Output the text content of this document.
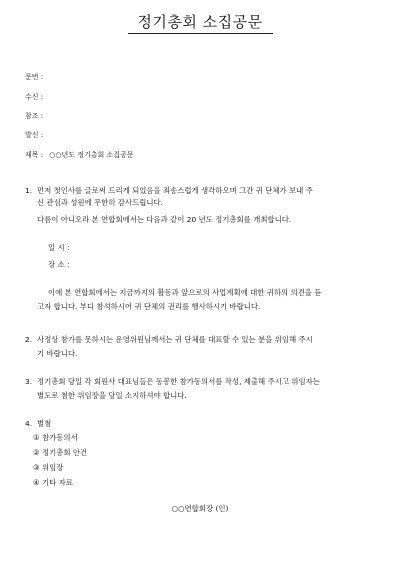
정기총회 소집공문
문번 :
수신 :
참조 :
발신 :
제목 : ○○년도 정기총회 소집공문
1. 먼저 첫인사를 글로써 드리게 되었음을 죄송스럽게 생각하오며 그간 귀 단체가 보내 주
신 관심과 성원에 무한히 감사드립니다.
다름이 아니오라 본 연합회에서는 다음과 같이 20 년도 정기총회를 개최합니다.
일 시 :
장 소 :
이에 본 연합회에서는 지금까지의 활동과 앞으로의 사업계획에 대한 귀하의 의견을 듣
고자 합니다. 부디 참석하시어 귀 단체의 권리를 행사하시기 바랍니다.
2. 사정상 참가를 못하시는 운영위원님께서는 귀 단체를 대표할 수 있는 분을 위임해 주시
기 바랍니다.
3. 정기총회 당일 각 회원사 대표님들은 동봉한 참가동의서를 작성, 제출해 주시고 위임자는
별도로 첨한 위임장을 당일 소지하셔야 합니다.
4. 별첨
① 참가동의서
② 정기총회 안건
③ 위임장
④ 기타 자료
○○연합회장 (인)
